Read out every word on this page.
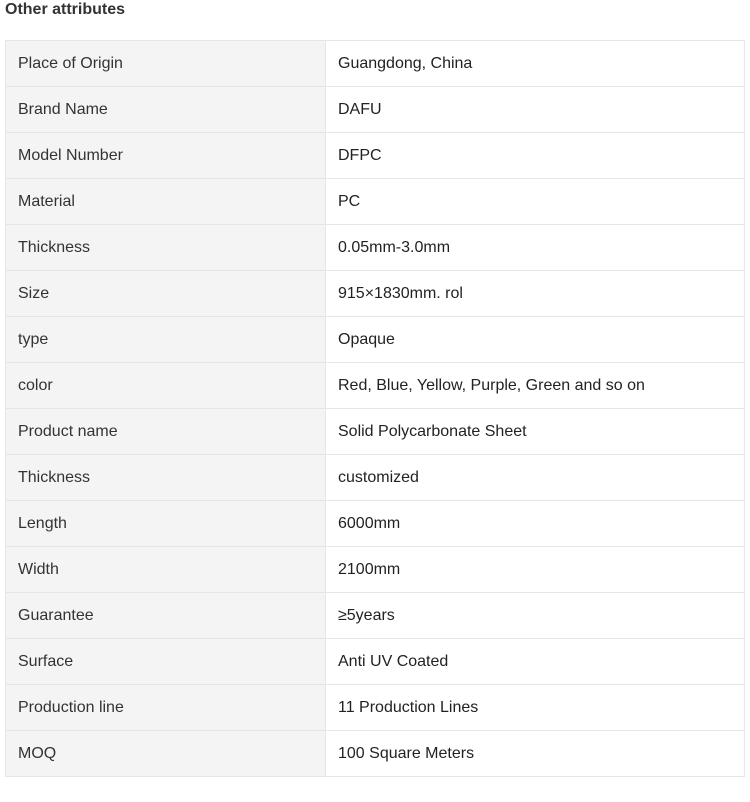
Other attributes
Place of Origin	Guangdong, China
Brand Name	DAFU
Model Number	DFPC
Material	PC
Thickness	0.05mm-3.0mm
Size	915×1830mm. rol
type	Opaque
color	Red, Blue, Yellow, Purple, Green and so on
Product name	Solid Polycarbonate Sheet
Thickness	customized
Length	6000mm
Width	2100mm
Guarantee	≥5years
Surface	Anti UV Coated
Production line	11 Production Lines
MOQ	100 Square Meters
